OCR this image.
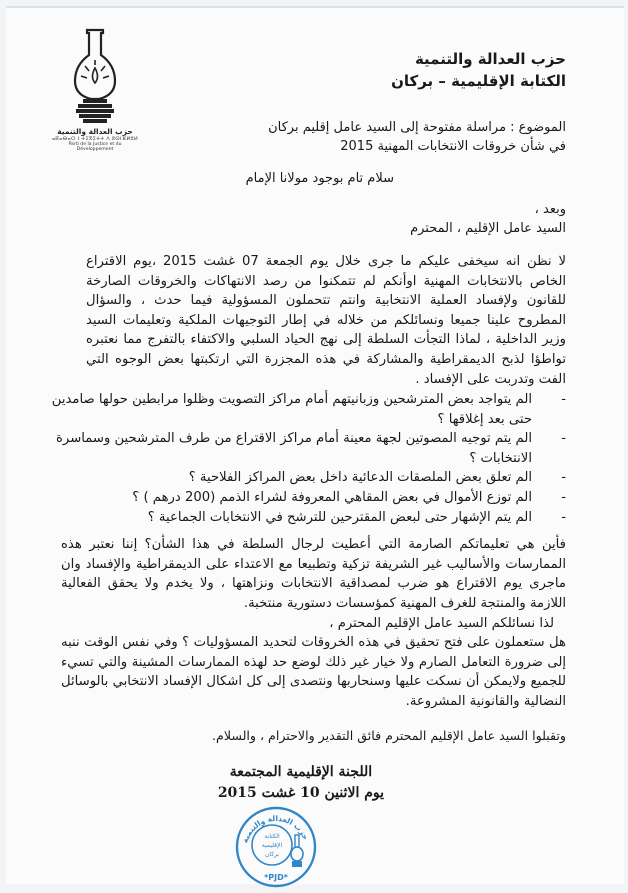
حزب العدالة والتنمية
ⴰⴽⴰⴱⴰⵔ ⵏ ⵜⵉⴳⵉⵜⵜ ⴷ ⵓⵙⵏⴼⵍⵓⵍ
Parti de la Justice et du Développement
حزب العدالة والتنمية
الكتابة الإقليمية – بركان
الموضوع : مراسلة مفتوحة إلى السيد عامل إقليم بركان
في شأن خروقات الانتخابات المهنية 2015
سلام تام بوجود مولانا الإمام
وبعد ،
السيد عامل الإقليم ، المحترم

لا نظن انه سيخفى عليكم ما جرى خلال يوم الجمعة 07 غشت 2015 ،يوم الاقتراع الخاص بالانتخابات المهنية اوأنكم لم تتمكنوا من رصد الانتهاكات والخروقات الصارخة للقانون ولإفساد العملية الانتخابية وانتم تتحملون المسؤولية فيما حدث ، والسؤال المطروح علينا جميعا ونسائلكم من خلاله في إطار التوجيهات الملكية وتعليمات السيد وزير الداخلية ، لماذا التجأت السلطة إلى نهج الحياد السلبي والاكتفاء بالتفرج مما نعتبره تواطؤا لذبح الديمقراطية والمشاركة في هذه المجزرة التي ارتكبتها بعض الوجوه التي الفت وتدربت على الإفساد .

- الم يتواجد بعض المترشحين وزبانيتهم أمام مراكز التصويت وظلوا مرابطين حولها صامدين حتى بعد إغلاقها ؟
- الم يتم توجيه المصوتين لجهة معينة أمام مراكز الاقتراع من طرف المترشحين وسماسرة الانتخابات ؟
- الم تعلق بعض الملصقات الدعائية داخل بعض المراكز الفلاحية ؟
- الم توزع الأموال في بعض المقاهي المعروفة لشراء الذمم (200 درهم ) ؟
- الم يتم الإشهار حتى لبعض المقترحين للترشح في الانتخابات الجماعية ؟

فأين هي تعليماتكم الصارمة التي أعطيت لرجال السلطة في هذا الشأن؟ إننا نعتبر هذه الممارسات والأساليب غير الشريفة تزكية وتطبيعا مع الاعتداء على الديمقراطية والإفساد وان ماجرى يوم الاقتراع هو ضرب لمصداقية الانتخابات ونزاهتها ، ولا يخدم ولا يحقق الفعالية اللازمة والمنتجة للغرف المهنية كمؤسسات دستورية منتخبة.

لذا نسائلكم السيد عامل الإقليم المحترم ،

هل ستعملون على فتح تحقيق في هذه الخروقات لتحديد المسؤوليات ؟ وفي نفس الوقت ننبه إلى ضرورة التعامل الصارم ولا خيار غير ذلك لوضع حد لهذه الممارسات المشينة والتي تسيء للجميع ولايمكن أن نسكت عليها وسنحاربها ونتصدى إلى كل اشكال الإفساد الانتخابي بالوسائل النضالية والقانونية المشروعة.

وتقبلوا السيد عامل الإقليم المحترم فائق التقدير والاحترام ، والسلام.
اللجنة الإقليمية المجتمعة
يوم الاثنين 10 غشت 2015
حزب العدالة والتنمية
الكتابة
الإقليمية
بركان
*PJD*
